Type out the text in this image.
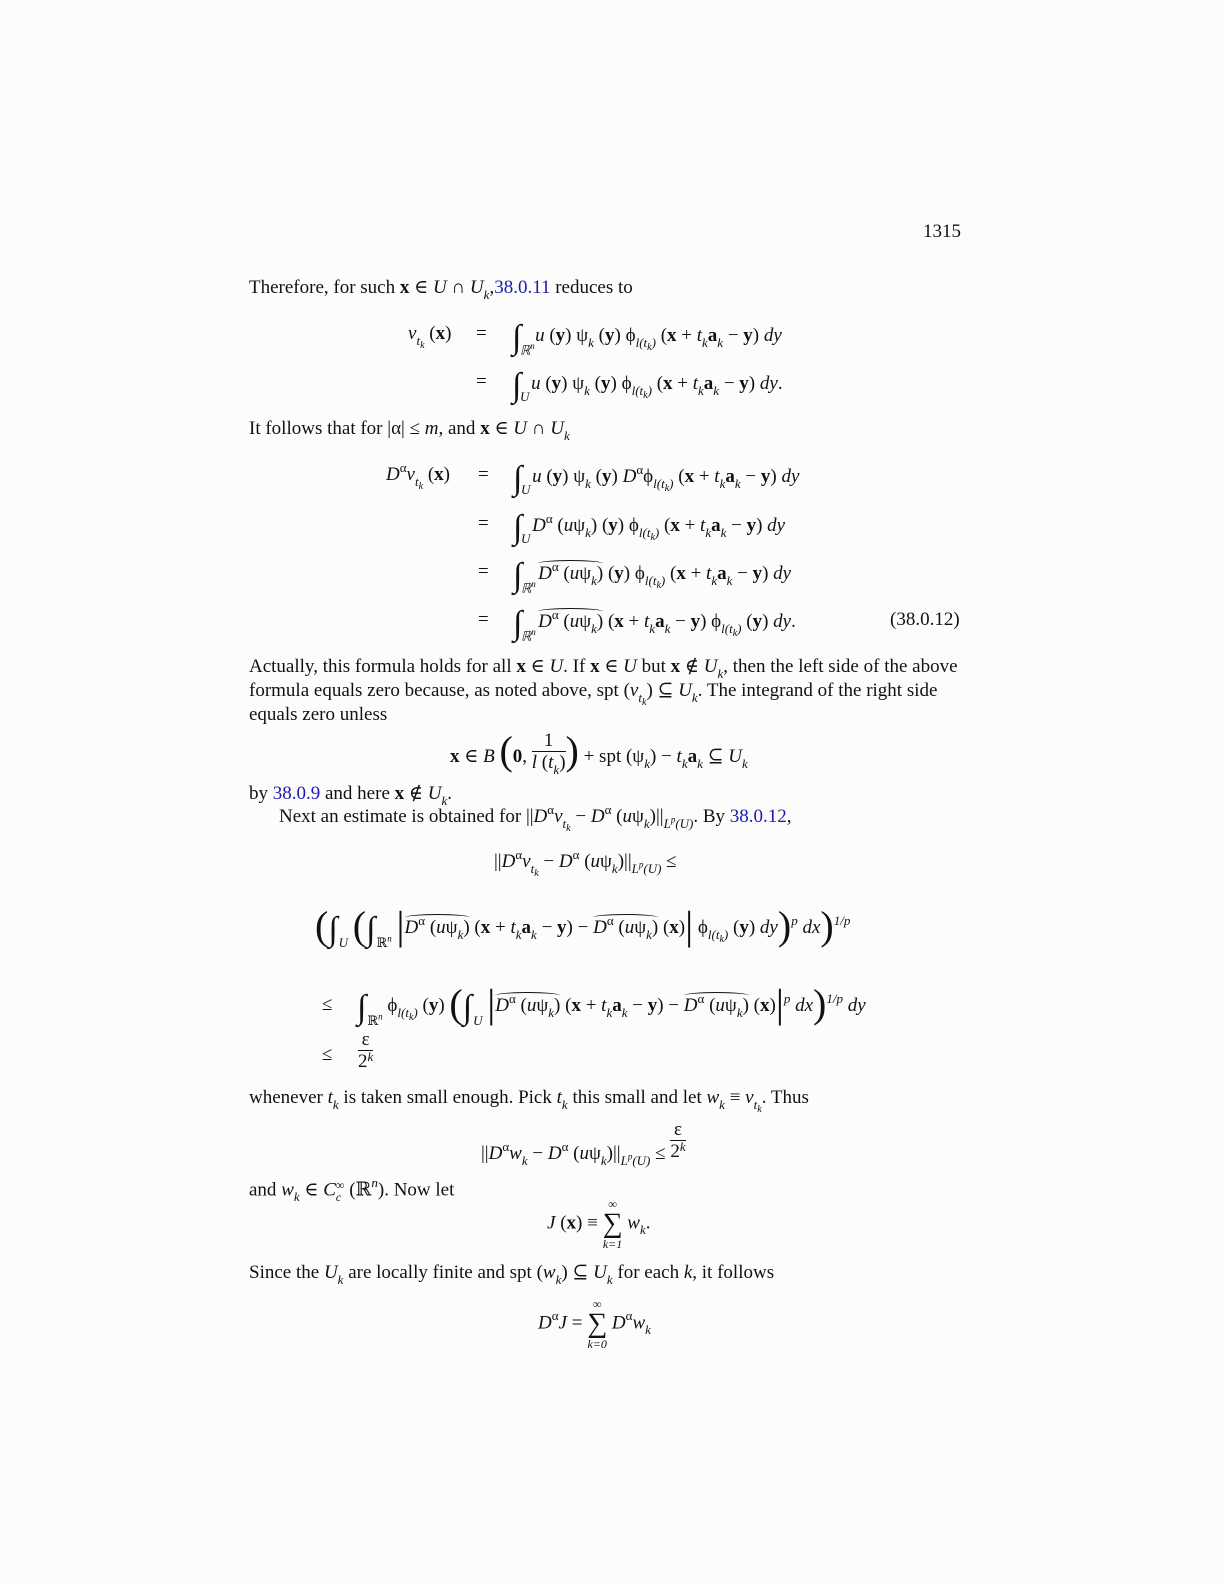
1315
Therefore, for such x ∈ U ∩ $U_k,38.0.11$ reduces to
$v_{t_k}$ (x) = ∫
ℝ$^n$ u (y) $\psi_k$ (y) $\phi_{l(t_k)}$ $(x + t_ka_k - y)$ dy
= ∫
U
u (y) $\psi_k$ (y) $\phi_{l(t_k)}$ $(x + t_ka_k - y)$ dy.
It follows that for |α| ≤ m, and x ∈ U ∩ $U_k$
$D^\alpha v_{t_k}$ (x) = ∫
U
u (y) $\psi_k$ (y) $D^\alpha\phi_{l(t_k)}$ $(x + t_ka_k - y)$ dy
= ∫
U
$D^\alpha$ $(u\psi_k)$ (y) $\phi_{l(t_k)}$ $(x + t_ka_k - y)$ dy
= ∫
ℝ$^n$ $D^\alpha$ $(u\psi_k)$ (y) $\phi_{l(t_k)}$ $(x + t_ka_k - y)$ dy
= ∫
ℝ$^n$ $D^\alpha$ $(u\psi_k) (x + t_ka_k - y)$ $\phi_{l(t_k)}$ (y) dy.	(38.0.12)
Actually, this formula holds for all x ∈ U. If x ∈ U but x ∉ $U_k$, then the left side of the above
formula equals zero because, as noted above, spt $(v_{t_k})$ ⊆ $U_k$. The integrand of the right side
equals zero unless
x ∈ B (0, $\frac{1}{l (t_k)}$ ) + spt $(\psi_k) - t_ka_k$ ⊆ $U_k$
by 38.0.9 and here x ∉ $U_k$.
Next an estimate is obtained for $||D^\alpha v_{t_k} - D^\alpha$ $(u\psi_k)||_{L^p(U)}$. By 38.0.12,
$||D^\alpha v_{t_k} - D^\alpha$ $(u\psi_k)||_{L^p(U)}$ ≤
($\int_U$ ($\int_{ℝ^n}$ $|D^\alpha$ $(u\psi_k) (x + t_ka_k - y) - D^\alpha$ $(u\psi_k)$ (x)| $\phi_{l(t_k)}$ (y) dy)$^p$ dx)$^{1/p}$
≤ $\int_{ℝ^n}$ $\phi_{l(t_k)}$ (y) ($\int_U$ $|D^\alpha$ $(u\psi_k) (x + t_ka_k - y) - D^\alpha$ $(u\psi_k)$ $(x)|^p$ dx)$^{1/p}$ dy
≤ $\frac{\varepsilon}{2^k}$
whenever $t_k$ is taken small enough. Pick $t_k$ this small and let $w_k \equiv v_{t_k}$. Thus
$||D^\alpha w_k - D^\alpha$ $(u\psi_k)||_{L^p(U)} \le \frac{\varepsilon}{2^k}$
and $w_k$ ∈ C ∞
c (ℝ$^n$). Now let
J (x) ≡
∞
∑
k=1
$w_k$.
Since the $U_k$ are locally finite and spt $(w_k)$ ⊆ $U_k$ for each k, it follows
$D^\alpha J$ =
∞
∑
k=0
$D^\alpha w_k$
